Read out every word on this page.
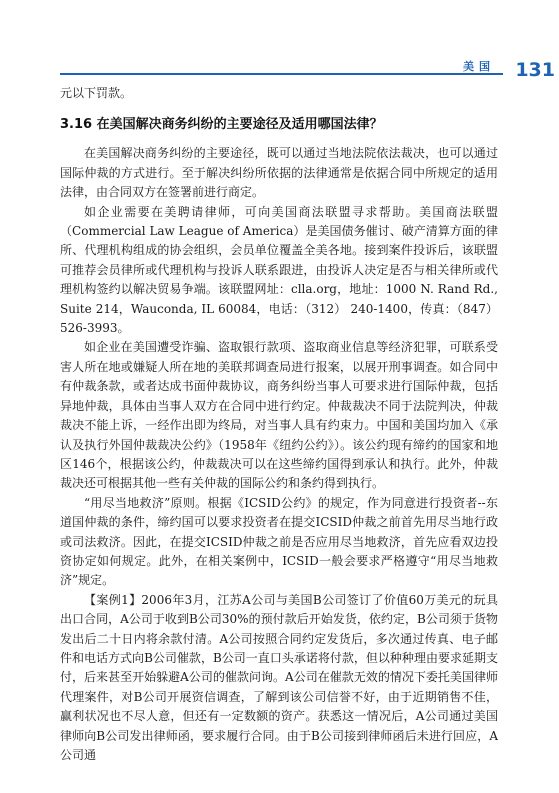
美国 131

元以下罚款。

3.16 在美国解决商务纠纷的主要途径及适用哪国法律？

在美国解决商务纠纷的主要途径，既可以通过当地法院依法裁决，也可以通过国际仲裁的方式进行。至于解决纠纷所依据的法律通常是依据合同中所规定的适用法律，由合同双方在签署前进行商定。

如企业需要在美聘请律师，可向美国商法联盟寻求帮助。美国商法联盟（Commercial Law League of America）是美国债务催讨、破产清算方面的律所、代理机构组成的协会组织，会员单位覆盖全美各地。接到案件投诉后，该联盟可推荐会员律所或代理机构与投诉人联系跟进，由投诉人决定是否与相关律所或代理机构签约以解决贸易争端。该联盟网址：clla.org，地址：1000 N. Rand Rd., Suite 214，Wauconda, IL 60084，电话：（312） 240-1400，传真：（847） 526-3993。

如企业在美国遭受诈骗、盗取银行款项、盗取商业信息等经济犯罪，可联系受害人所在地或嫌疑人所在地的美联邦调查局进行报案，以展开刑事调查。如合同中有仲裁条款，或者达成书面仲裁协议，商务纠纷当事人可要求进行国际仲裁，包括异地仲裁，具体由当事人双方在合同中进行约定。仲裁裁决不同于法院判决，仲裁裁决不能上诉，一经作出即为终局，对当事人具有约束力。中国和美国均加入《承认及执行外国仲裁裁决公约》（1958年《纽约公约》）。该公约现有缔约的国家和地区146个，根据该公约，仲裁裁决可以在这些缔约国得到承认和执行。此外，仲裁裁决还可根据其他一些有关仲裁的国际公约和条约得到执行。

“用尽当地救济”原则。根据《ICSID公约》的规定，作为同意进行投资者--东道国仲裁的条件，缔约国可以要求投资者在提交ICSID仲裁之前首先用尽当地行政或司法救济。因此，在提交ICSID仲裁之前是否应用尽当地救济，首先应看双边投资协定如何规定。此外，在相关案例中，ICSID一般会要求严格遵守“用尽当地救济”规定。

【案例1】2006年3月，江苏A公司与美国B公司签订了价值60万美元的玩具出口合同，A公司于收到B公司30%的预付款后开始发货，依约定，B公司须于货物发出后二十日内将余款付清。A公司按照合同约定发货后，多次通过传真、电子邮件和电话方式向B公司催款，B公司一直口头承诺将付款，但以种种理由要求延期支付，后来甚至开始躲避A公司的催款问询。A公司在催款无效的情况下委托美国律师代理案件，对B公司开展资信调查，了解到该公司信誉不好，由于近期销售不佳，赢利状况也不尽人意，但还有一定数额的资产。获悉这一情况后，A公司通过美国律师向B公司发出律师函，要求履行合同。由于B公司接到律师函后未进行回应，A公司通
